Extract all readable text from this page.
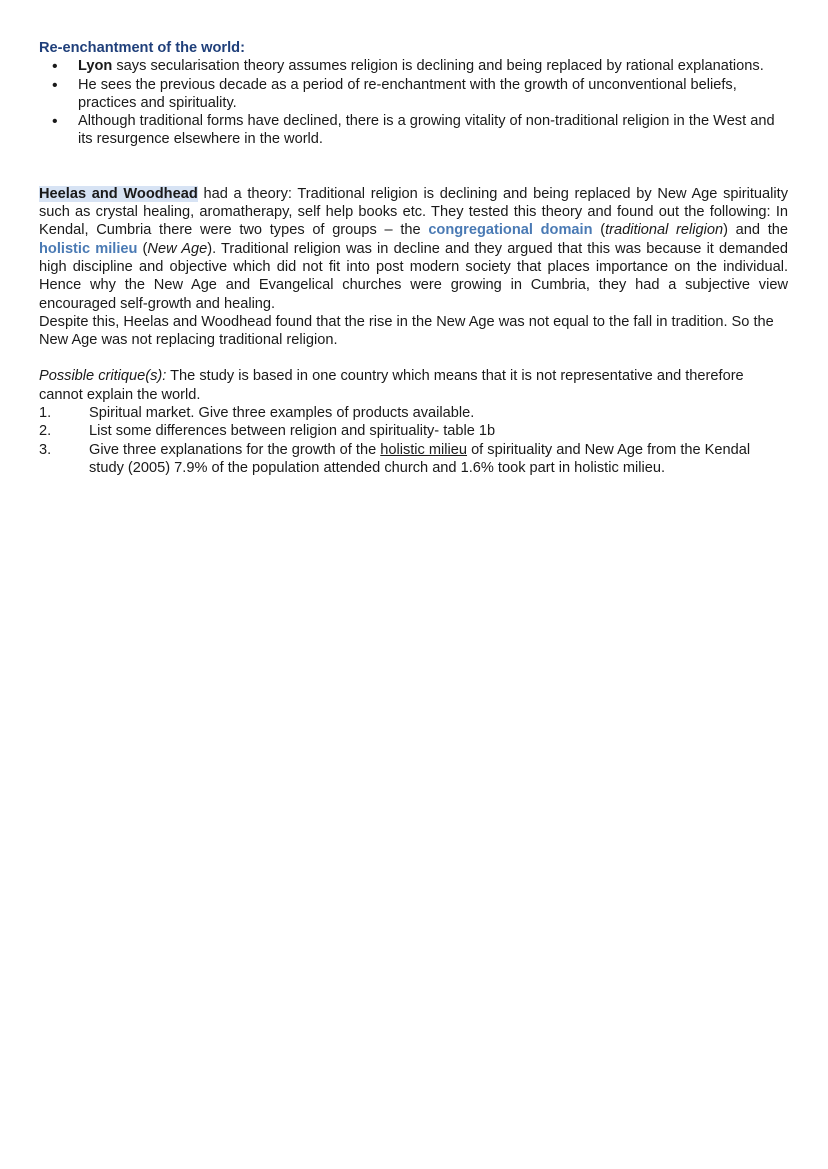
Re-enchantment of the world:
• Lyon says secularisation theory assumes religion is declining and being replaced by rational explanations.
• He sees the previous decade as a period of re-enchantment with the growth of unconventional beliefs, practices and spirituality.
• Although traditional forms have declined, there is a growing vitality of non-traditional religion in the West and its resurgence elsewhere in the world.

Heelas and Woodhead had a theory: Traditional religion is declining and being replaced by New Age spirituality such as crystal healing, aromatherapy, self help books etc. They tested this theory and found out the following: In Kendal, Cumbria there were two types of groups – the congregational domain (traditional religion) and the holistic milieu (New Age). Traditional religion was in decline and they argued that this was because it demanded high discipline and objective which did not fit into post modern society that places importance on the individual. Hence why the New Age and Evangelical churches were growing in Cumbria, they had a subjective view encouraged self-growth and healing.

Despite this, Heelas and Woodhead found that the rise in the New Age was not equal to the fall in tradition. So the New Age was not replacing traditional religion.

Possible critique(s): The study is based in one country which means that it is not representative and therefore cannot explain the world.

1.	Spiritual market. Give three examples of products available.
2.	List some differences between religion and spirituality- table 1b
3.	Give three explanations for the growth of the holistic milieu of spirituality and New Age from the Kendal study (2005) 7.9% of the population attended church and 1.6% took part in holistic milieu.
